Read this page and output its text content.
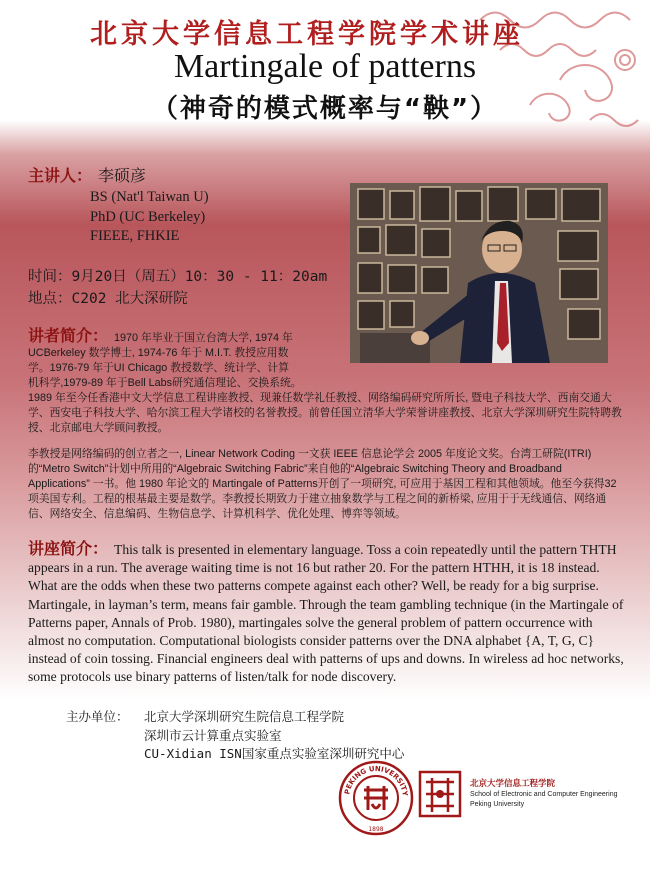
北京大学信息工程学院学术讲座
Martingale of patterns
（神奇的模式概率与“鞅”）
主讲人： 李硕彦
BS (Nat'l Taiwan U)
PhD (UC Berkeley)
FIEEE, FHKIE
时间：9月20日（周五）10：30 - 11：20am
地点：C202 北大深研院

讲者简介： 1970 年毕业于国立台湾大学, 1974 年
UCBerkeley 数学博士, 1974-76 年于 M.I.T. 教授应用数
学。1976-79 年于UI Chicago 教授数学、统计学、计算
机科学,1979-89 年于Bell Labs研究通信理论、交换系统。
1989 年至今任香港中文大学信息工程讲座教授、现兼任数学礼任教授、网络编码研究所所长, 暨电子科技大学、西南交通大学、西安电子科技大学、哈尔滨工程大学诸校的名誉教授。前曾任国立清华大学荣誉讲座教授、北京大学深圳研究生院特聘教授、北京邮电大学顾问教授。

李教授是网络编码的创立者之一, Linear Network Coding 一文获 IEEE 信息论学会 2005 年度论文奖。台湾工研院(ITRI) 的“Metro Switch”计划中所用的“Algebraic Switching Fabric”来自他的“Algebraic Switching Theory and Broadband Applications” 一书。他 1980 年论文的 Martingale of Patterns开创了一项研究, 可应用于基因工程和其他领域。他至今获得32项美国专利。工程的根基最主要是数学。李教授长期致力于建立抽象数学与工程之间的新桥梁, 应用于于无线通信、网络通信、网络安全、信息编码、生物信息学、计算机科学、优化处理、博弈等领域。

讲座简介： This talk is presented in elementary language. Toss a coin repeatedly until the pattern THTH appears in a run. The average waiting time is not 16 but rather 20. For the pattern HTHH, it is 18 instead. What are the odds when these two patterns compete against each other? Well, be ready for a big surprise. Martingale, in layman’s term, means fair gamble. Through the team gambling technique (in the Martingale of Patterns paper, Annals of Prob. 1980), martingales solve the general problem of pattern occurrence with almost no computation. Computational biologists consider patterns over the DNA alphabet {A, T, G, C} instead of coin tossing. Financial engineers deal with patterns of ups and downs. In wireless ad hoc networks, some protocols use binary patterns of listen/talk for node discovery.

主办单位： 北京大学深圳研究生院信息工程学院
深圳市云计算重点实验室
CU-Xidian ISN国家重点实验室深圳研究中心
PEKING UNIVERSITY
1898
北京大学信息工程学院
School of Electronic and Computer Engineering
Peking University
